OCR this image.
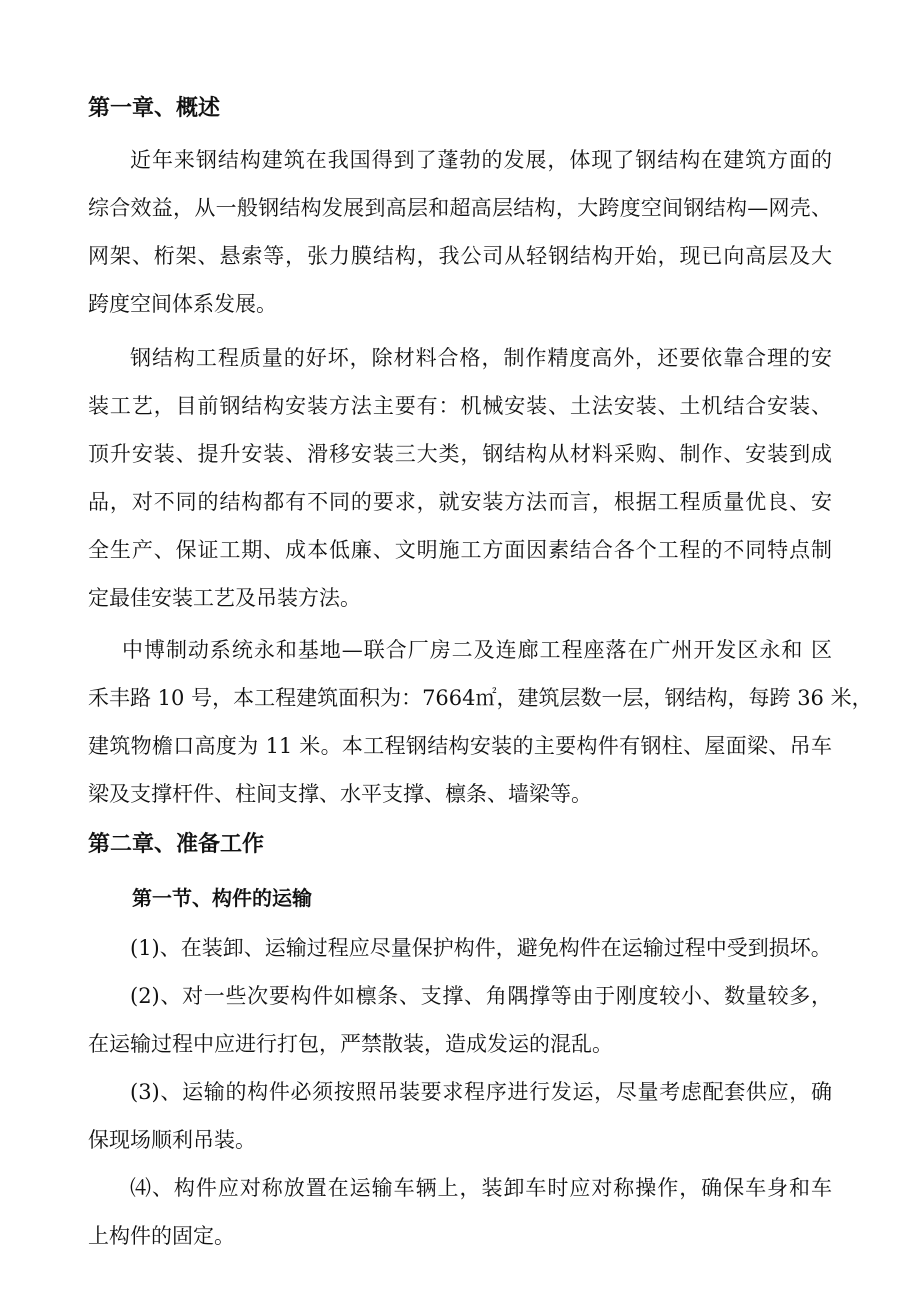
第一章、概述
近年来钢结构建筑在我国得到了蓬勃的发展，体现了钢结构在建筑方面的
综合效益，从一般钢结构发展到高层和超高层结构，大跨度空间钢结构—网壳、
网架、桁架、悬索等，张力膜结构，我公司从轻钢结构开始，现已向高层及大
跨度空间体系发展。
钢结构工程质量的好坏，除材料合格，制作精度高外，还要依靠合理的安
装工艺，目前钢结构安装方法主要有：机械安装、土法安装、土机结合安装、
顶升安装、提升安装、滑移安装三大类，钢结构从材料采购、制作、安装到成
品，对不同的结构都有不同的要求，就安装方法而言，根据工程质量优良、安
全生产、保证工期、成本低廉、文明施工方面因素结合各个工程的不同特点制
定最佳安装工艺及吊装方法。
中博制动系统永和基地—联合厂房二及连廊工程座落在广州开发区永和 区
禾丰路 10 号，本工程建筑面积为：7664㎡，建筑层数一层，钢结构，每跨 36 米，
建筑物檐口高度为 11 米。本工程钢结构安装的主要构件有钢柱、屋面梁、吊车
梁及支撑杆件、柱间支撑、水平支撑、檩条、墙梁等。
第二章、准备工作
第一节、构件的运输
(1)、在装卸、运输过程应尽量保护构件，避免构件在运输过程中受到损坏。
(2)、对一些次要构件如檩条、支撑、角隅撑等由于刚度较小、数量较多，
在运输过程中应进行打包，严禁散装，造成发运的混乱。
(3)、运输的构件必须按照吊装要求程序进行发运，尽量考虑配套供应，确
保现场顺利吊装。
⑷、构件应对称放置在运输车辆上，装卸车时应对称操作，确保车身和车
上构件的固定。
